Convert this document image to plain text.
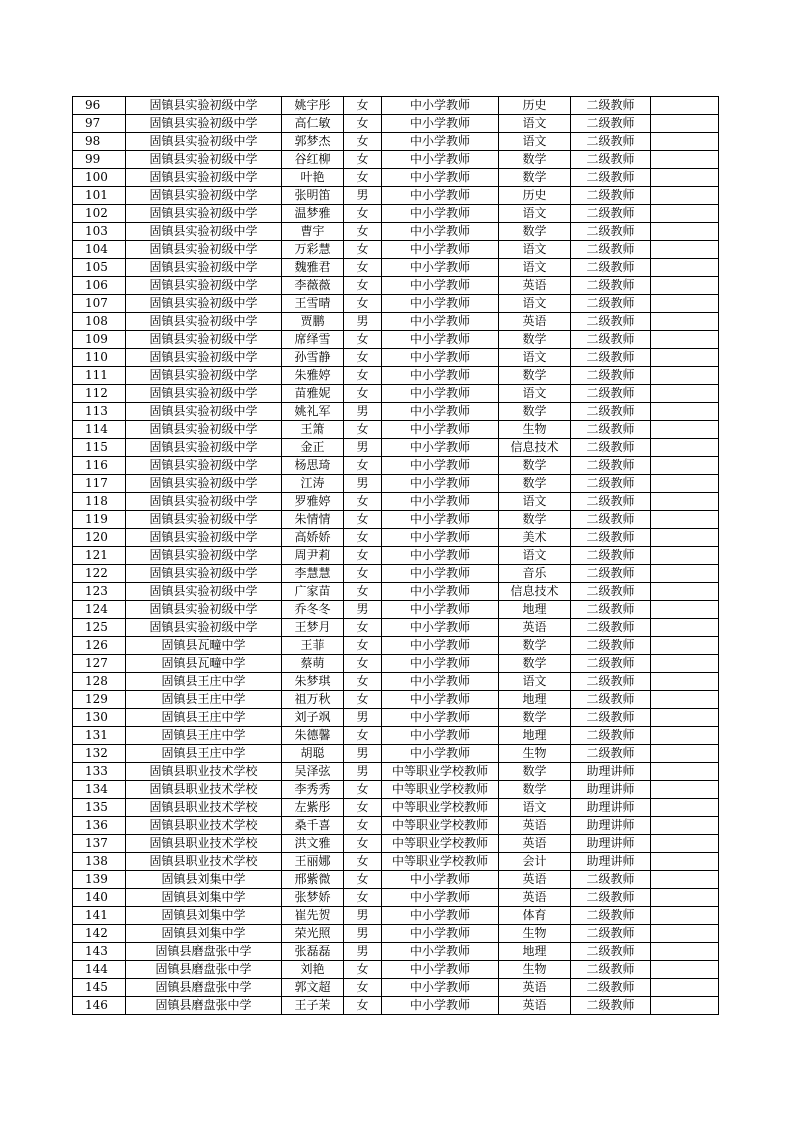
96	固镇县实验初级中学	姚宇彤	女	中小学教师	历史	二级教师	
97	固镇县实验初级中学	高仁敏	女	中小学教师	语文	二级教师	
98	固镇县实验初级中学	郭梦杰	女	中小学教师	语文	二级教师	
99	固镇县实验初级中学	谷红柳	女	中小学教师	数学	二级教师	
100	固镇县实验初级中学	叶艳	女	中小学教师	数学	二级教师	
101	固镇县实验初级中学	张明笛	男	中小学教师	历史	二级教师	
102	固镇县实验初级中学	温梦雅	女	中小学教师	语文	二级教师	
103	固镇县实验初级中学	曹宇	女	中小学教师	数学	二级教师	
104	固镇县实验初级中学	万彩慧	女	中小学教师	语文	二级教师	
105	固镇县实验初级中学	魏雅君	女	中小学教师	语文	二级教师	
106	固镇县实验初级中学	李薇薇	女	中小学教师	英语	二级教师	
107	固镇县实验初级中学	王雪晴	女	中小学教师	语文	二级教师	
108	固镇县实验初级中学	贾鹏	男	中小学教师	英语	二级教师	
109	固镇县实验初级中学	席绎雪	女	中小学教师	数学	二级教师	
110	固镇县实验初级中学	孙雪静	女	中小学教师	语文	二级教师	
111	固镇县实验初级中学	朱雅婷	女	中小学教师	数学	二级教师	
112	固镇县实验初级中学	苗雅妮	女	中小学教师	语文	二级教师	
113	固镇县实验初级中学	姚礼军	男	中小学教师	数学	二级教师	
114	固镇县实验初级中学	王箫	女	中小学教师	生物	二级教师	
115	固镇县实验初级中学	金正	男	中小学教师	信息技术	二级教师	
116	固镇县实验初级中学	杨思琦	女	中小学教师	数学	二级教师	
117	固镇县实验初级中学	江涛	男	中小学教师	数学	二级教师	
118	固镇县实验初级中学	罗雅婷	女	中小学教师	语文	二级教师	
119	固镇县实验初级中学	朱情情	女	中小学教师	数学	二级教师	
120	固镇县实验初级中学	高娇娇	女	中小学教师	美术	二级教师	
121	固镇县实验初级中学	周尹莉	女	中小学教师	语文	二级教师	
122	固镇县实验初级中学	李慧慧	女	中小学教师	音乐	二级教师	
123	固镇县实验初级中学	广家苗	女	中小学教师	信息技术	二级教师	
124	固镇县实验初级中学	乔冬冬	男	中小学教师	地理	二级教师	
125	固镇县实验初级中学	王梦月	女	中小学教师	英语	二级教师	
126	固镇县瓦疃中学	王菲	女	中小学教师	数学	二级教师	
127	固镇县瓦疃中学	蔡萌	女	中小学教师	数学	二级教师	
128	固镇县王庄中学	朱梦琪	女	中小学教师	语文	二级教师	
129	固镇县王庄中学	祖万秋	女	中小学教师	地理	二级教师	
130	固镇县王庄中学	刘子飒	男	中小学教师	数学	二级教师	
131	固镇县王庄中学	朱德馨	女	中小学教师	地理	二级教师	
132	固镇县王庄中学	胡聪	男	中小学教师	生物	二级教师	
133	固镇县职业技术学校	吴泽弦	男	中等职业学校教师	数学	助理讲师	
134	固镇县职业技术学校	李秀秀	女	中等职业学校教师	数学	助理讲师	
135	固镇县职业技术学校	左紫彤	女	中等职业学校教师	语文	助理讲师	
136	固镇县职业技术学校	桑千喜	女	中等职业学校教师	英语	助理讲师	
137	固镇县职业技术学校	洪文雅	女	中等职业学校教师	英语	助理讲师	
138	固镇县职业技术学校	王丽娜	女	中等职业学校教师	会计	助理讲师	
139	固镇县刘集中学	邢紫微	女	中小学教师	英语	二级教师	
140	固镇县刘集中学	张梦娇	女	中小学教师	英语	二级教师	
141	固镇县刘集中学	崔先贺	男	中小学教师	体育	二级教师	
142	固镇县刘集中学	荣光照	男	中小学教师	生物	二级教师	
143	固镇县磨盘张中学	张磊磊	男	中小学教师	地理	二级教师	
144	固镇县磨盘张中学	刘艳	女	中小学教师	生物	二级教师	
145	固镇县磨盘张中学	郭文超	女	中小学教师	英语	二级教师	
146	固镇县磨盘张中学	王子茉	女	中小学教师	英语	二级教师	
